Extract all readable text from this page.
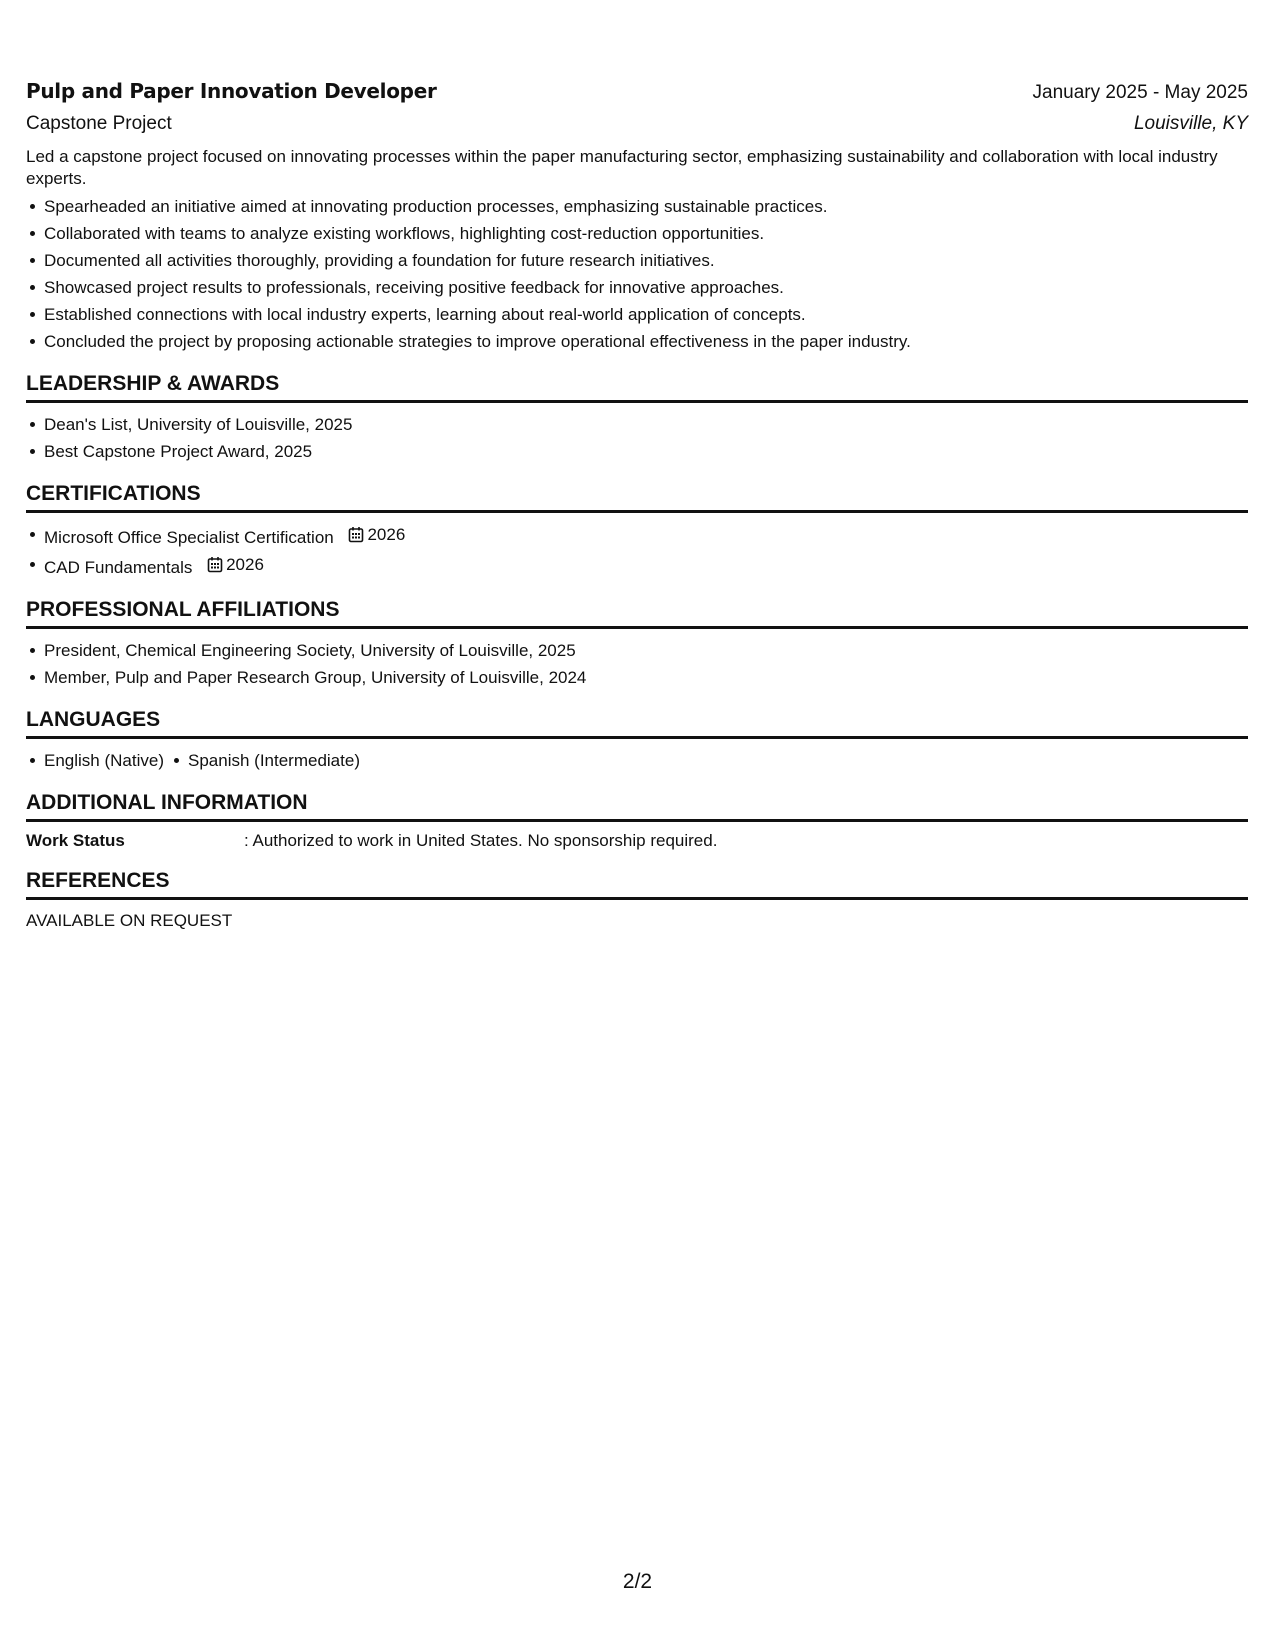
Pulp and Paper Innovation Developer	January 2025 - May 2025
Capstone Project	Louisville, KY
Led a capstone project focused on innovating processes within the paper manufacturing sector, emphasizing sustainability and collaboration with local industry experts.
Spearheaded an initiative aimed at innovating production processes, emphasizing sustainable practices.
Collaborated with teams to analyze existing workflows, highlighting cost-reduction opportunities.
Documented all activities thoroughly, providing a foundation for future research initiatives.
Showcased project results to professionals, receiving positive feedback for innovative approaches.
Established connections with local industry experts, learning about real-world application of concepts.
Concluded the project by proposing actionable strategies to improve operational effectiveness in the paper industry.
LEADERSHIP & AWARDS
Dean's List, University of Louisville, 2025
Best Capstone Project Award, 2025
CERTIFICATIONS
Microsoft Office Specialist Certification 2026
CAD Fundamentals 2026
PROFESSIONAL AFFILIATIONS
President, Chemical Engineering Society, University of Louisville, 2025
Member, Pulp and Paper Research Group, University of Louisville, 2024
LANGUAGES
English (Native) Spanish (Intermediate)
ADDITIONAL INFORMATION
Work Status	: Authorized to work in United States. No sponsorship required.
REFERENCES
AVAILABLE ON REQUEST
2/2
